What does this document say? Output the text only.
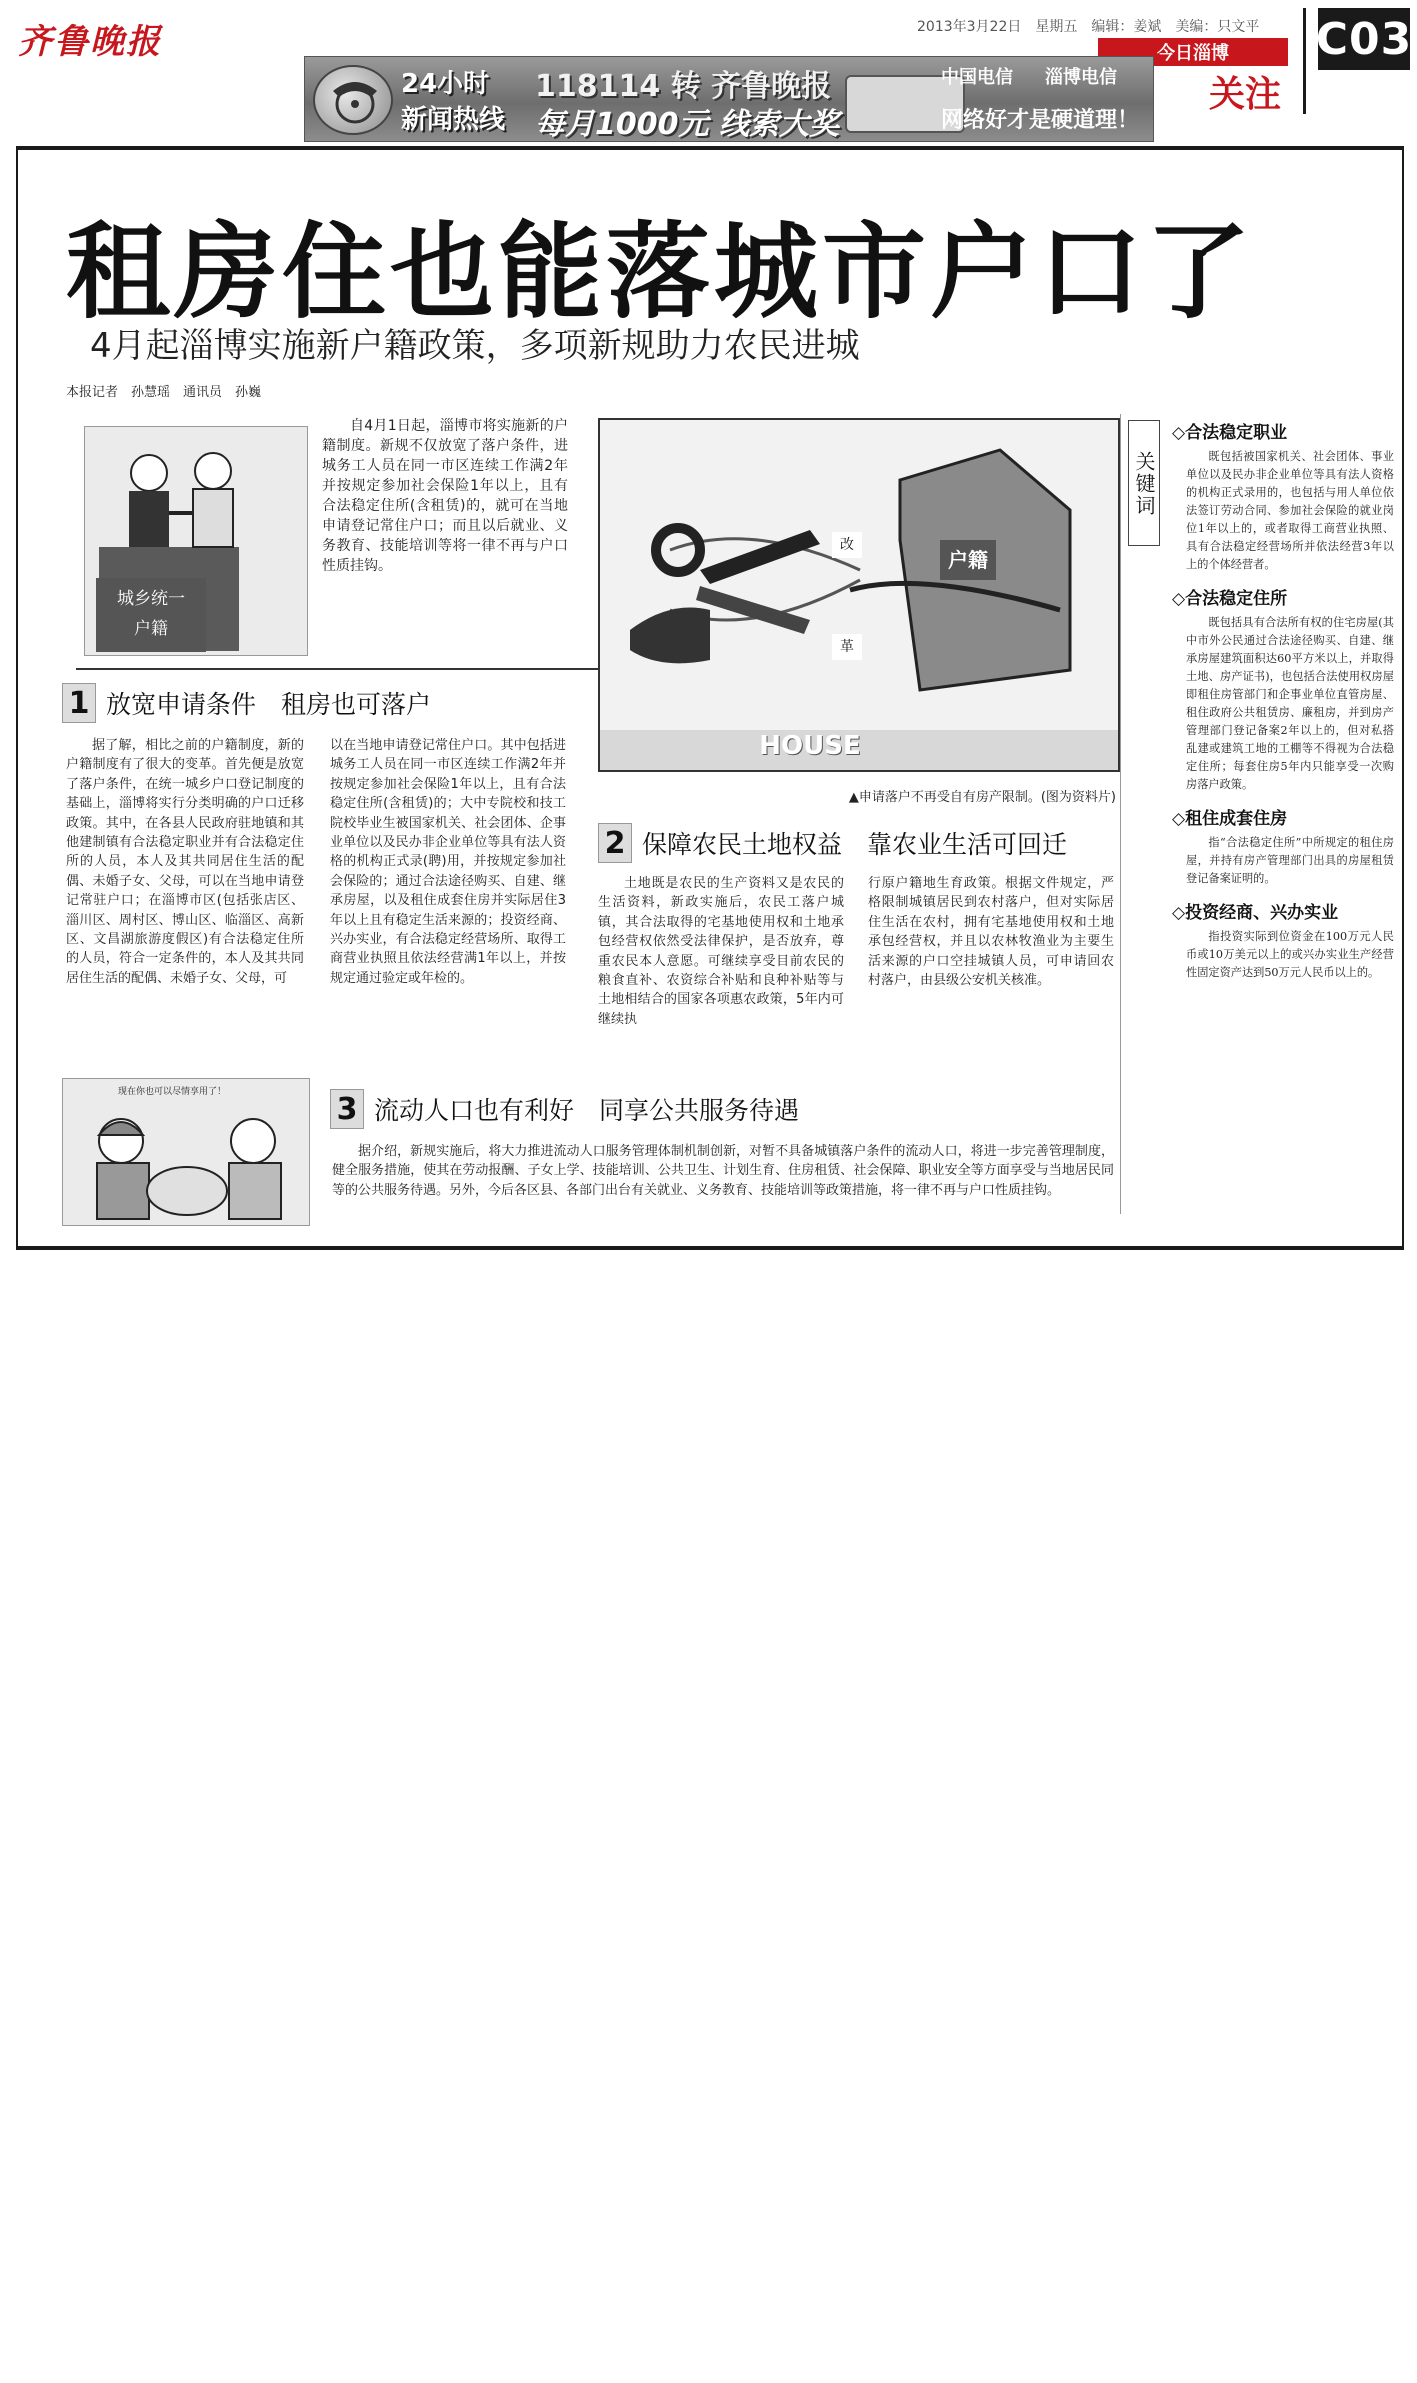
齐鲁晚报	2013年3月22日 星期五 编辑：姜斌 美编：只文平 C03
今日淄博
关注
24小时
新闻热线
118114 转 齐鲁晚报
每月1000元 线索大奖
中国电信	淄博电信
网络好才是硬道理！
租房住也能落城市户口了
4月起淄博实施新户籍政策，多项新规助力农民进城
本报记者　孙慧瑶　通讯员　孙巍
城乡统一
户籍
自4月1日起，淄博市将实施新的户籍制度。新规不仅放宽了落户条件，进城务工人员在同一市区连续工作满2年并按规定参加社会保险1年以上，且有合法稳定住所(含租赁)的，就可在当地申请登记常住户口；而且以后就业、义务教育、技能培训等将一律不再与户口性质挂钩。
改
革
户籍
HOUSE
▲申请落户不再受自有房产限制。(图为资料片)
1 放宽申请条件　租房也可落户
据了解，相比之前的户籍制度，新的户籍制度有了很大的变革。首先便是放宽了落户条件，在统一城乡户口登记制度的基础上，淄博将实行分类明确的户口迁移政策。其中，在各县人民政府驻地镇和其他建制镇有合法稳定职业并有合法稳定住所的人员，本人及其共同居住生活的配偶、未婚子女、父母，可以在当地申请登记常驻户口；在淄博市区(包括张店区、淄川区、周村区、博山区、临淄区、高新区、文昌湖旅游度假区)有合法稳定住所的人员，符合一定条件的，本人及其共同居住生活的配偶、未婚子女、父母，可
以在当地申请登记常住户口。其中包括进城务工人员在同一市区连续工作满2年并按规定参加社会保险1年以上，且有合法稳定住所(含租赁)的；大中专院校和技工院校毕业生被国家机关、社会团体、企事业单位以及民办非企业单位等具有法人资格的机构正式录(聘)用，并按规定参加社会保险的；通过合法途径购买、自建、继承房屋，以及租住成套住房并实际居住3年以上且有稳定生活来源的；投资经商、兴办实业，有合法稳定经营场所、取得工商营业执照且依法经营满1年以上，并按规定通过验定或年检的。
2 保障农民土地权益　靠农业生活可回迁
土地既是农民的生产资料又是农民的生活资料，新政实施后，农民工落户城镇，其合法取得的宅基地使用权和土地承包经营权依然受法律保护，是否放弃，尊重农民本人意愿。可继续享受目前农民的粮食直补、农资综合补贴和良种补贴等与土地相结合的国家各项惠农政策，5年内可继续执
行原户籍地生育政策。根据文件规定，严格限制城镇居民到农村落户，但对实际居住生活在农村，拥有宅基地使用权和土地承包经营权，并且以农林牧渔业为主要生活来源的户口空挂城镇人员，可申请回农村落户，由县级公安机关核准。
现在你也可以尽情享用了！	3 流动人口也有利好　同享公共服务待遇
据介绍，新规实施后，将大力推进流动人口服务管理体制机制创新，对暂不具备城镇落户条件的流动人口，将进一步完善管理制度，健全服务措施，使其在劳动报酬、子女上学、技能培训、公共卫生、计划生育、住房租赁、社会保障、职业安全等方面享受与当地居民同等的公共服务待遇。另外，今后各区县、各部门出台有关就业、义务教育、技能培训等政策措施，将一律不再与户口性质挂钩。
关键词
◇合法稳定职业
既包括被国家机关、社会团体、事业单位以及民办非企业单位等具有法人资格的机构正式录用的，也包括与用人单位依法签订劳动合同、参加社会保险的就业岗位1年以上的，或者取得工商营业执照、具有合法稳定经营场所并依法经营3年以上的个体经营者。
◇合法稳定住所
既包括具有合法所有权的住宅房屋(其中市外公民通过合法途径购买、自建、继承房屋建筑面积达60平方米以上，并取得土地、房产证书)，也包括合法使用权房屋即租住房管部门和企事业单位直管房屋、租住政府公共租赁房、廉租房，并到房产管理部门登记备案2年以上的，但对私搭乱建或建筑工地的工棚等不得视为合法稳定住所；每套住房5年内只能享受一次购房落户政策。
◇租住成套住房
指“合法稳定住所”中所规定的租住房屋，并持有房产管理部门出具的房屋租赁登记备案证明的。
◇投资经商、兴办实业
指投资实际到位资金在100万元人民币或10万美元以上的或兴办实业生产经营性固定资产达到50万元人民币以上的。
